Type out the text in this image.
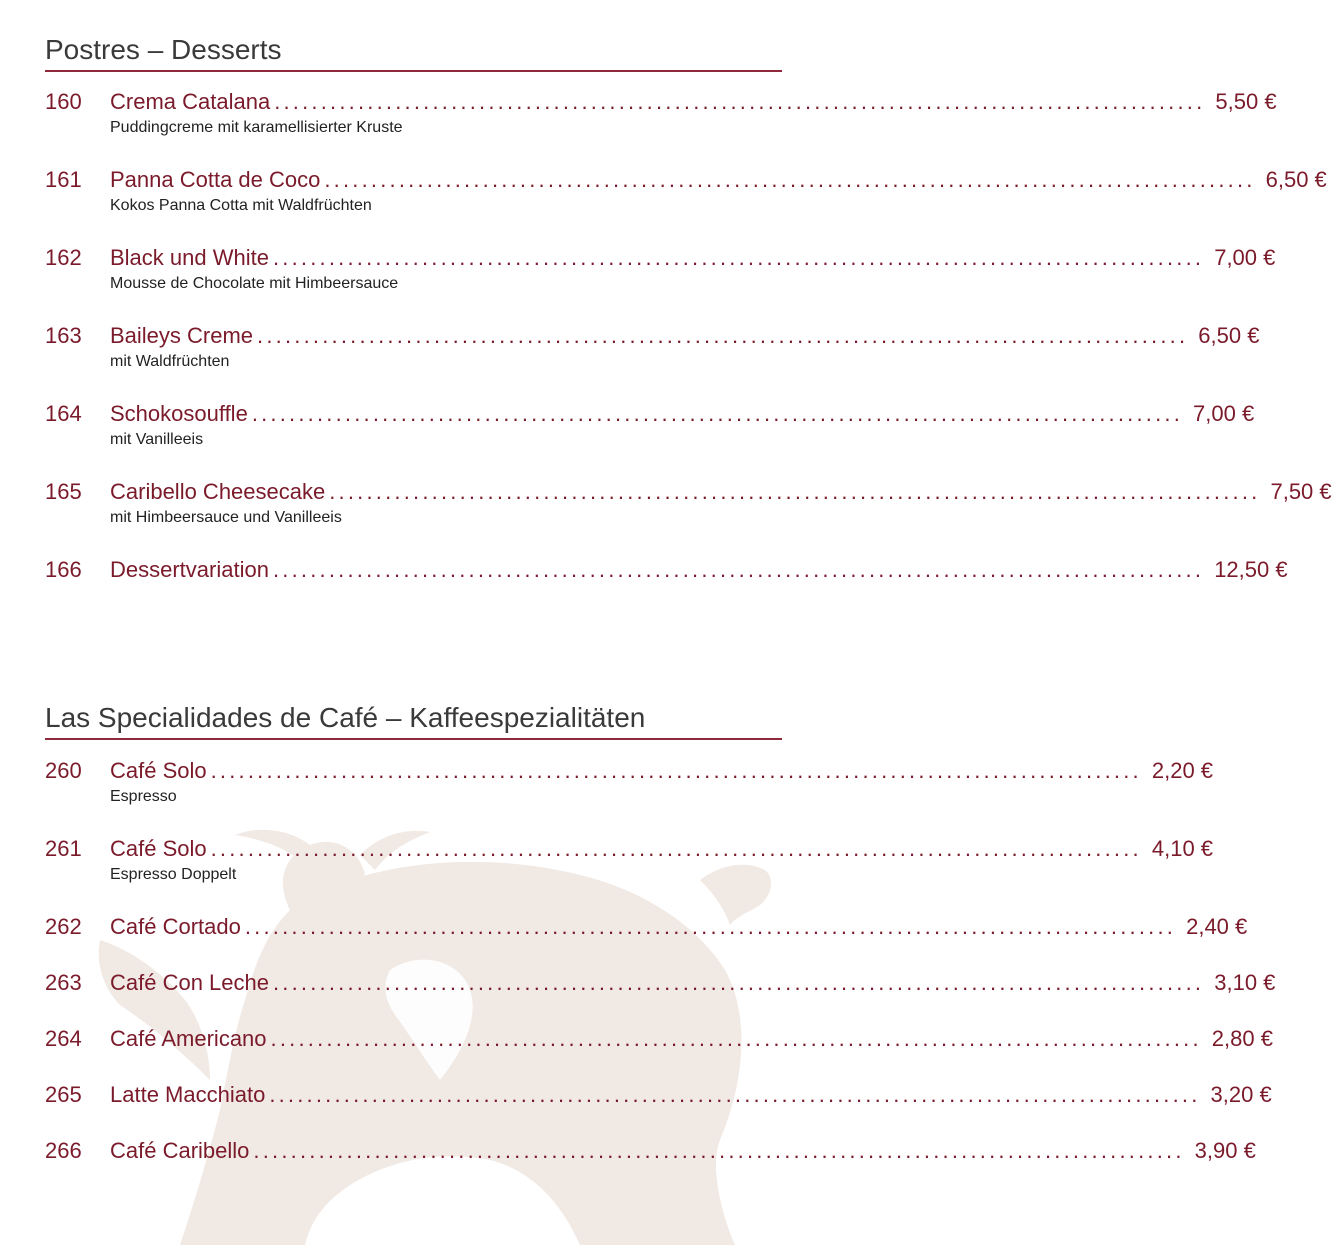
Postres – Desserts
160	Crema Catalana .................................................................................................... 5,50 €
Puddingcreme mit karamellisierter Kruste
161	Panna Cotta de Coco .................................................................................................... 6,50 €
Kokos Panna Cotta mit Waldfrüchten
162	Black und White .................................................................................................... 7,00 €
Mousse de Chocolate mit Himbeersauce
163	Baileys Creme .................................................................................................... 6,50 €
mit Waldfrüchten
164	Schokosouffle .................................................................................................... 7,00 €
mit Vanilleeis
165	Caribello Cheesecake .................................................................................................... 7,50 €
mit Himbeersauce und Vanilleeis
166	Dessertvariation .................................................................................................... 12,50 €
Las Specialidades de Café – Kaffeespezialitäten
260	Café Solo .................................................................................................... 2,20 €
Espresso
261	Café Solo .................................................................................................... 4,10 €
Espresso Doppelt
262	Café Cortado .................................................................................................... 2,40 €
263	Café Con Leche .................................................................................................... 3,10 €
264	Café Americano .................................................................................................... 2,80 €
265	Latte Macchiato .................................................................................................... 3,20 €
266	Café Caribello .................................................................................................... 3,90 €
